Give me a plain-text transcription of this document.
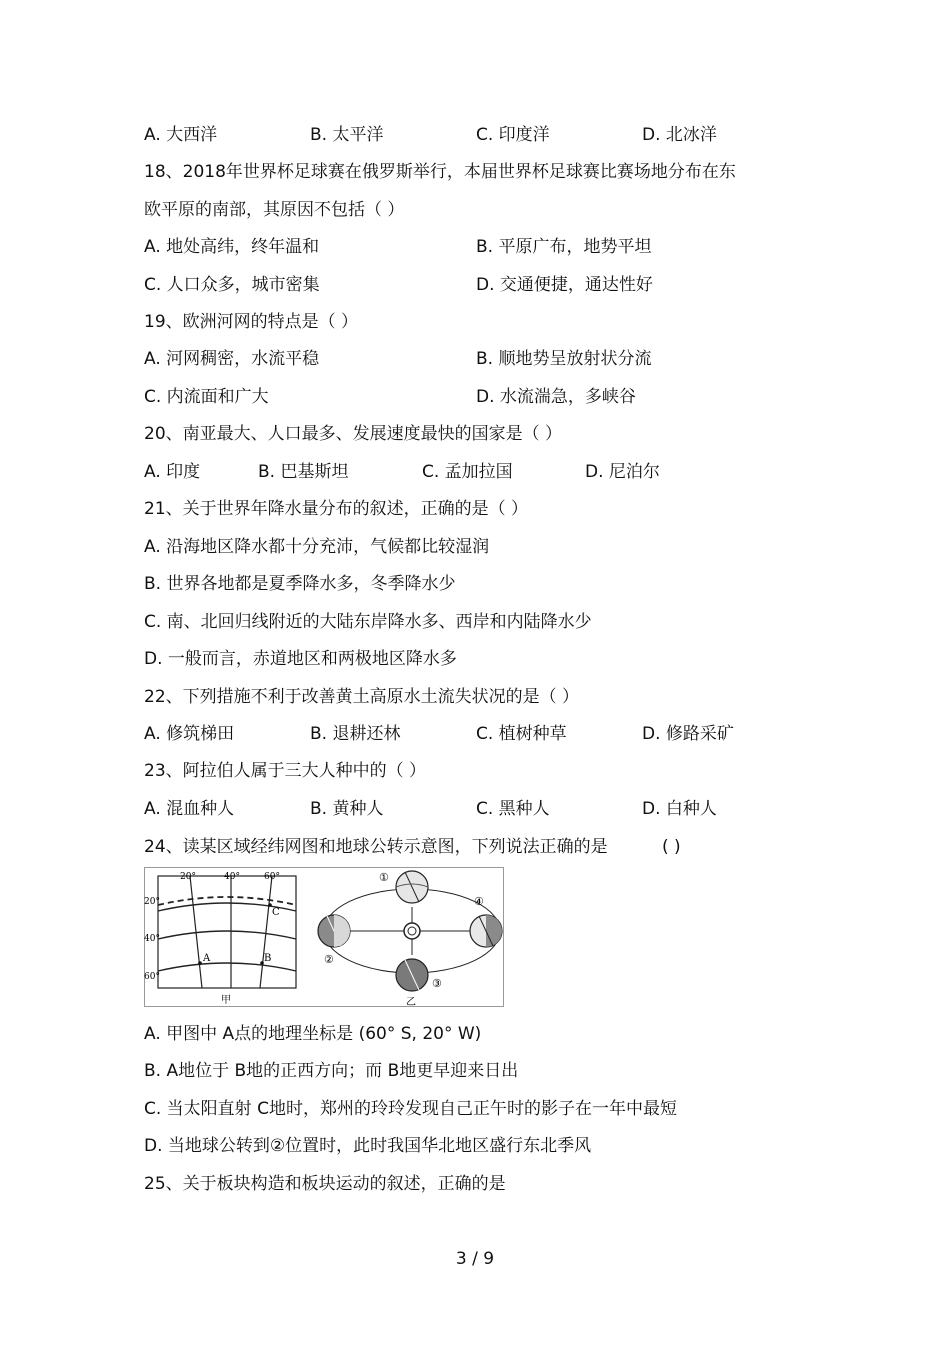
A. 大西洋	B. 太平洋	C. 印度洋	D. 北冰洋
18、2018年世界杯足球赛在俄罗斯举行，本届世界杯足球赛比赛场地分布在东
欧平原的南部，其原因不包括（ ）
A. 地处高纬，终年温和	B. 平原广布，地势平坦
C. 人口众多，城市密集	D. 交通便捷，通达性好
19、欧洲河网的特点是（ ）
A. 河网稠密，水流平稳	B. 顺地势呈放射状分流
C. 内流面和广大	D. 水流湍急，多峡谷
20、南亚最大、人口最多、发展速度最快的国家是（ ）
A. 印度	B. 巴基斯坦	C. 孟加拉国	D. 尼泊尔
21、关于世界年降水量分布的叙述，正确的是（ ）
A. 沿海地区降水都十分充沛，气候都比较湿润
B. 世界各地都是夏季降水多，冬季降水少
C. 南、北回归线附近的大陆东岸降水多、西岸和内陆降水少
D. 一般而言，赤道地区和两极地区降水多
22、下列措施不利于改善黄土高原水土流失状况的是（ ）
A. 修筑梯田	B. 退耕还林	C. 植树种草	D. 修路采矿
23、阿拉伯人属于三大人种中的（ ）
A. 混血种人	B. 黄种人	C. 黑种人	D. 白种人
24、读某区域经纬网图和地球公转示意图，下列说法正确的是	( )
20°	40°	60°
20°
40°
60°
A	B
C
甲
①
②
③
④
乙
A. 甲图中 A点的地理坐标是 (60° S, 20° W)
B. A地位于 B地的正西方向；而 B地更早迎来日出
C. 当太阳直射 C地时，郑州的玲玲发现自己正午时的影子在一年中最短
D. 当地球公转到②位置时，此时我国华北地区盛行东北季风
25、关于板块构造和板块运动的叙述，正确的是
3 / 9
